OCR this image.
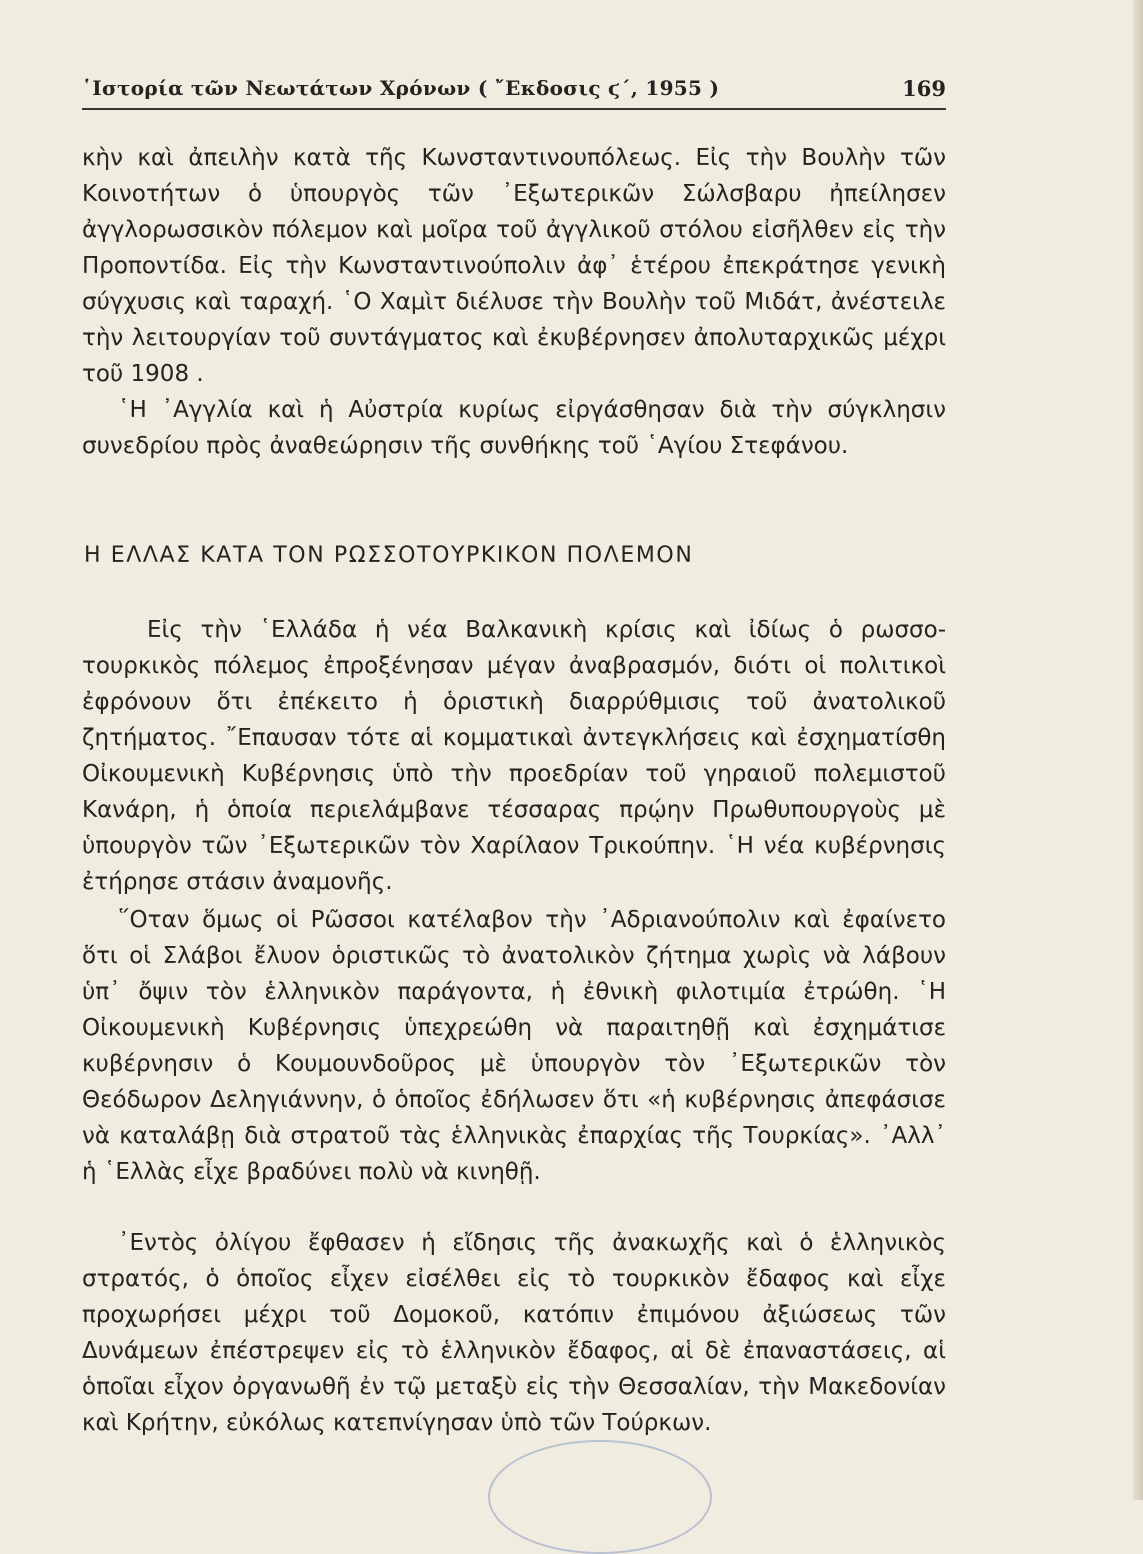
῾Ιστορία τῶν Νεωτάτων Χρόνων ( ῎Εκδοσις ϛ΄, 1955 )	169

κὴν καὶ ἀπειλὴν κατὰ τῆς Κωνσταντινουπόλεως. Εἰς τὴν Βουλὴν τῶν Κοινοτήτων ὁ ὑπουργὸς τῶν ᾿Εξωτερικῶν Σώλσβαρυ ἠπείλησεν ἀγγλορωσσικὸν πόλεμον καὶ μοῖρα τοῦ ἀγγλικοῦ στόλου εἰσῆλθεν εἰς τὴν Προποντίδα. Εἰς τὴν Κωνσταντινούπολιν ἀφ᾿ ἑτέρου ἐπεκράτησε γενικὴ σύγχυσις καὶ ταραχή. ῾Ο Χαμὶτ διέλυσε τὴν Βουλὴν τοῦ Μιδάτ, ἀνέστειλε τὴν λειτουργίαν τοῦ συντάγματος καὶ ἐκυβέρνησεν ἀπολυταρχικῶς μέχρι τοῦ 1908 .

῾Η ᾿Αγγλία καὶ ἡ Αὐστρία κυρίως εἰργάσθησαν διὰ τὴν σύγκλησιν συνεδρίου πρὸς ἀναθεώρησιν τῆς συνθήκης τοῦ ῾Αγίου Στεφάνου.

Η ΕΛΛΑΣ ΚΑΤΑ ΤΟΝ ΡΩΣΣΟΤΟΥΡΚΙΚΟΝ ΠΟΛΕΜΟΝ

Εἰς τὴν ῾Ελλάδα ἡ νέα Βαλκανικὴ κρίσις καὶ ἰδίως ὁ ρωσσοτουρκικὸς πόλεμος ἐπροξένησαν μέγαν ἀναβρασμόν, διότι οἱ πολιτικοὶ ἐφρόνουν ὅτι ἐπέκειτο ἡ ὁριστικὴ διαρρύθμισις τοῦ ἀνατολικοῦ ζητήματος. ῎Επαυσαν τότε αἱ κομματικαὶ ἀντεγκλήσεις καὶ ἐσχηματίσθη Οἰκουμενικὴ Κυβέρνησις ὑπὸ τὴν προεδρίαν τοῦ γηραιοῦ πολεμιστοῦ Κανάρη, ἡ ὁποία περιελάμβανε τέσσαρας πρῴην Πρωθυπουργοὺς μὲ ὑπουργὸν τῶν ᾿Εξωτερικῶν τὸν Χαρίλαον Τρικούπην. ῾Η νέα κυβέρνησις ἐτήρησε στάσιν ἀναμονῆς.

῞Οταν ὅμως οἱ Ρῶσσοι κατέλαβον τὴν ᾿Αδριανούπολιν καὶ ἐφαίνετο ὅτι οἱ Σλάβοι ἔλυον ὁριστικῶς τὸ ἀνατολικὸν ζήτημα χωρὶς νὰ λάβουν ὑπ᾿ ὄψιν τὸν ἑλληνικὸν παράγοντα, ἡ ἐθνικὴ φιλοτιμία ἐτρώθη. ῾Η Οἰκουμενικὴ Κυβέρνησις ὑπεχρεώθη νὰ παραιτηθῇ καὶ ἐσχημάτισε κυβέρνησιν ὁ Κουμουνδοῦρος μὲ ὑπουργὸν τὸν ᾿Εξωτερικῶν τὸν Θεόδωρον Δεληγιάννην, ὁ ὁποῖος ἐδήλωσεν ὅτι «ἡ κυβέρνησις ἀπεφάσισε νὰ καταλάβῃ διὰ στρατοῦ τὰς ἑλληνικὰς ἐπαρχίας τῆς Τουρκίας». ᾿Αλλ᾿ ἡ ῾Ελλὰς εἶχε βραδύνει πολὺ νὰ κινηθῇ.

᾿Εντὸς ὀλίγου ἔφθασεν ἡ εἴδησις τῆς ἀνακωχῆς καὶ ὁ ἑλληνικὸς στρατός, ὁ ὁποῖος εἶχεν εἰσέλθει εἰς τὸ τουρκικὸν ἔδαφος καὶ εἶχε προχωρήσει μέχρι τοῦ Δομοκοῦ, κατόπιν ἐπιμόνου ἀξιώσεως τῶν Δυνάμεων ἐπέστρεψεν εἰς τὸ ἑλληνικὸν ἔδαφος, αἱ δὲ ἐπαναστάσεις, αἱ ὁποῖαι εἶχον ὀργανωθῆ ἐν τῷ μεταξὺ εἰς τὴν Θεσσαλίαν, τὴν Μακεδονίαν καὶ Κρήτην, εὐκόλως κατεπνίγησαν ὑπὸ τῶν Τούρκων.
